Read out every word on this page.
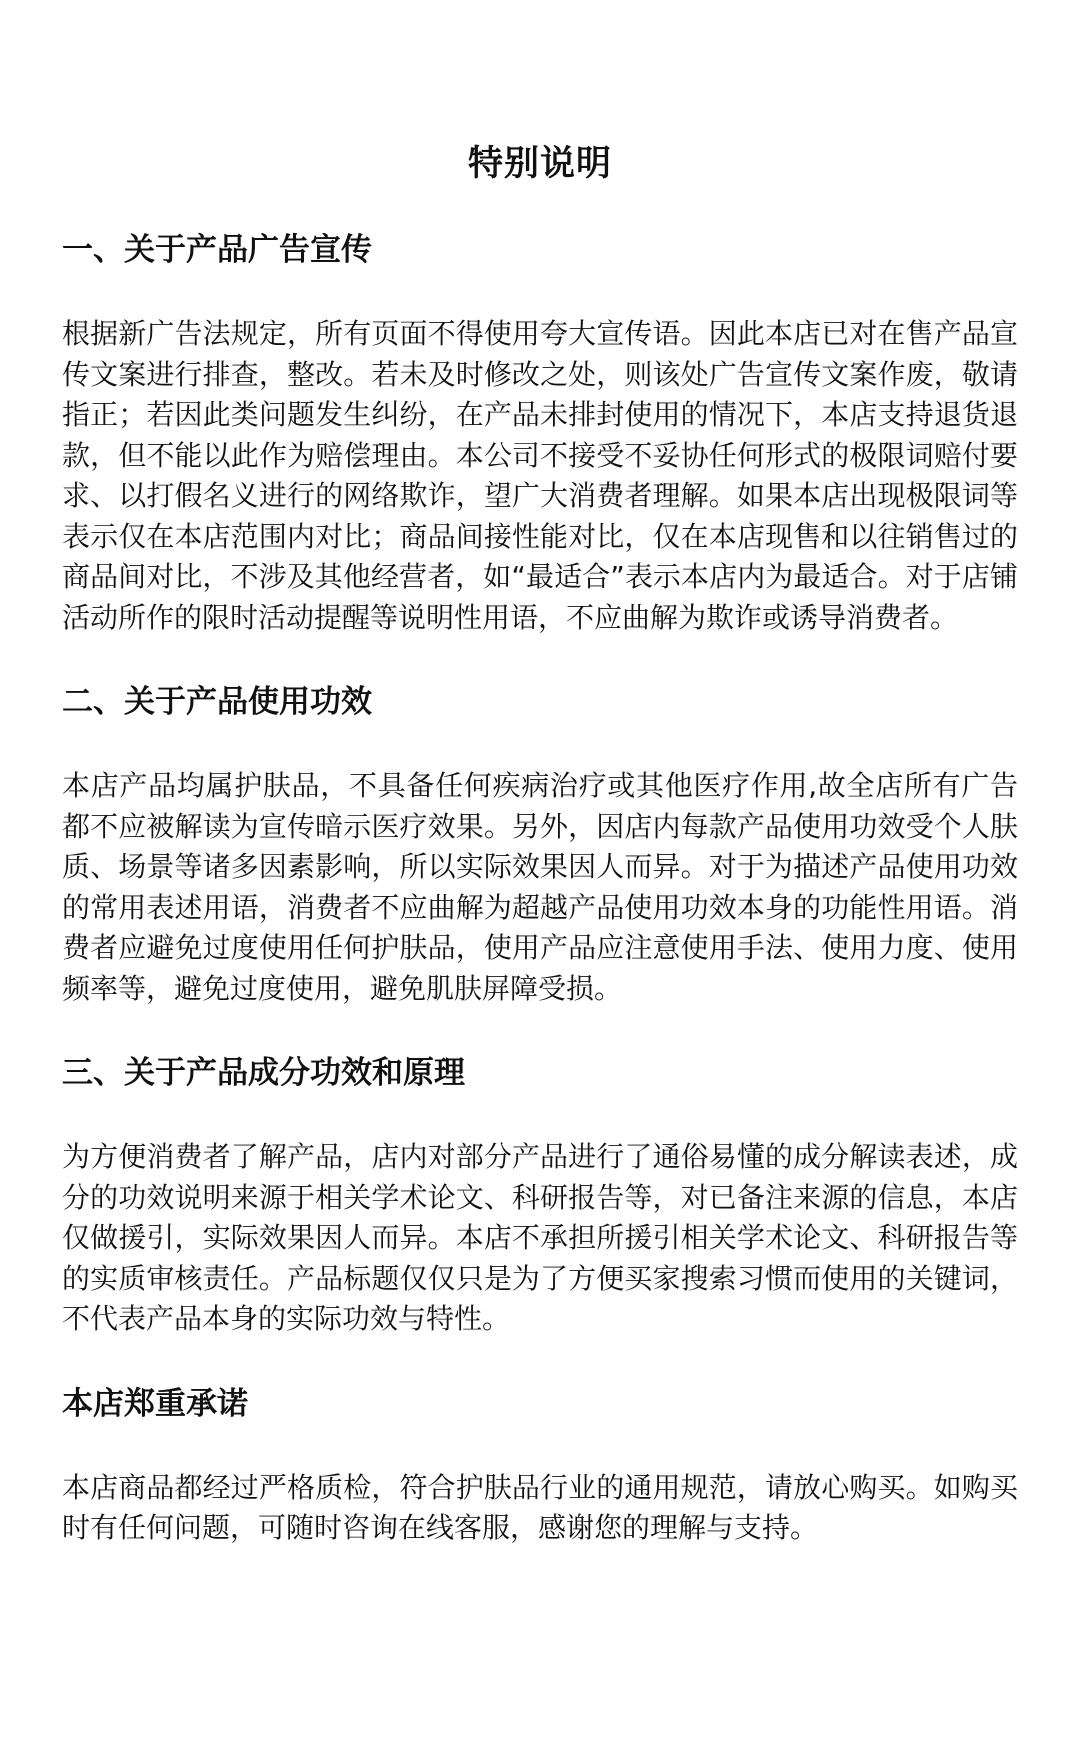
特别说明
一、关于产品广告宣传

根据新广告法规定，所有页面不得使用夸大宣传语。因此本店已对在售产品宣传文案进行排查，整改。若未及时修改之处，则该处广告宣传文案作废，敬请指正；若因此类问题发生纠纷，在产品未排封使用的情况下，本店支持退货退款，但不能以此作为赔偿理由。本公司不接受不妥协任何形式的极限词赔付要求、以打假名义进行的网络欺诈，望广大消费者理解。如果本店出现极限词等表示仅在本店范围内对比；商品间接性能对比，仅在本店现售和以往销售过的商品间对比，不涉及其他经营者，如“最适合”表示本店内为最适合。对于店铺活动所作的限时活动提醒等说明性用语，不应曲解为欺诈或诱导消费者。

二、关于产品使用功效

本店产品均属护肤品，不具备任何疾病治疗或其他医疗作用,故全店所有广告都不应被解读为宣传暗示医疗效果。另外，因店内每款产品使用功效受个人肤质、场景等诸多因素影响，所以实际效果因人而异。对于为描述产品使用功效的常用表述用语，消费者不应曲解为超越产品使用功效本身的功能性用语。消费者应避免过度使用任何护肤品，使用产品应注意使用手法、使用力度、使用频率等，避免过度使用，避免肌肤屏障受损。

三、关于产品成分功效和原理

为方便消费者了解产品，店内对部分产品进行了通俗易懂的成分解读表述，成分的功效说明来源于相关学术论文、科研报告等，对已备注来源的信息，本店仅做援引，实际效果因人而异。本店不承担所援引相关学术论文、科研报告等的实质审核责任。产品标题仅仅只是为了方便买家搜索习惯而使用的关键词，不代表产品本身的实际功效与特性。

本店郑重承诺

本店商品都经过严格质检，符合护肤品行业的通用规范，请放心购买。如购买时有任何问题，可随时咨询在线客服，感谢您的理解与支持。
